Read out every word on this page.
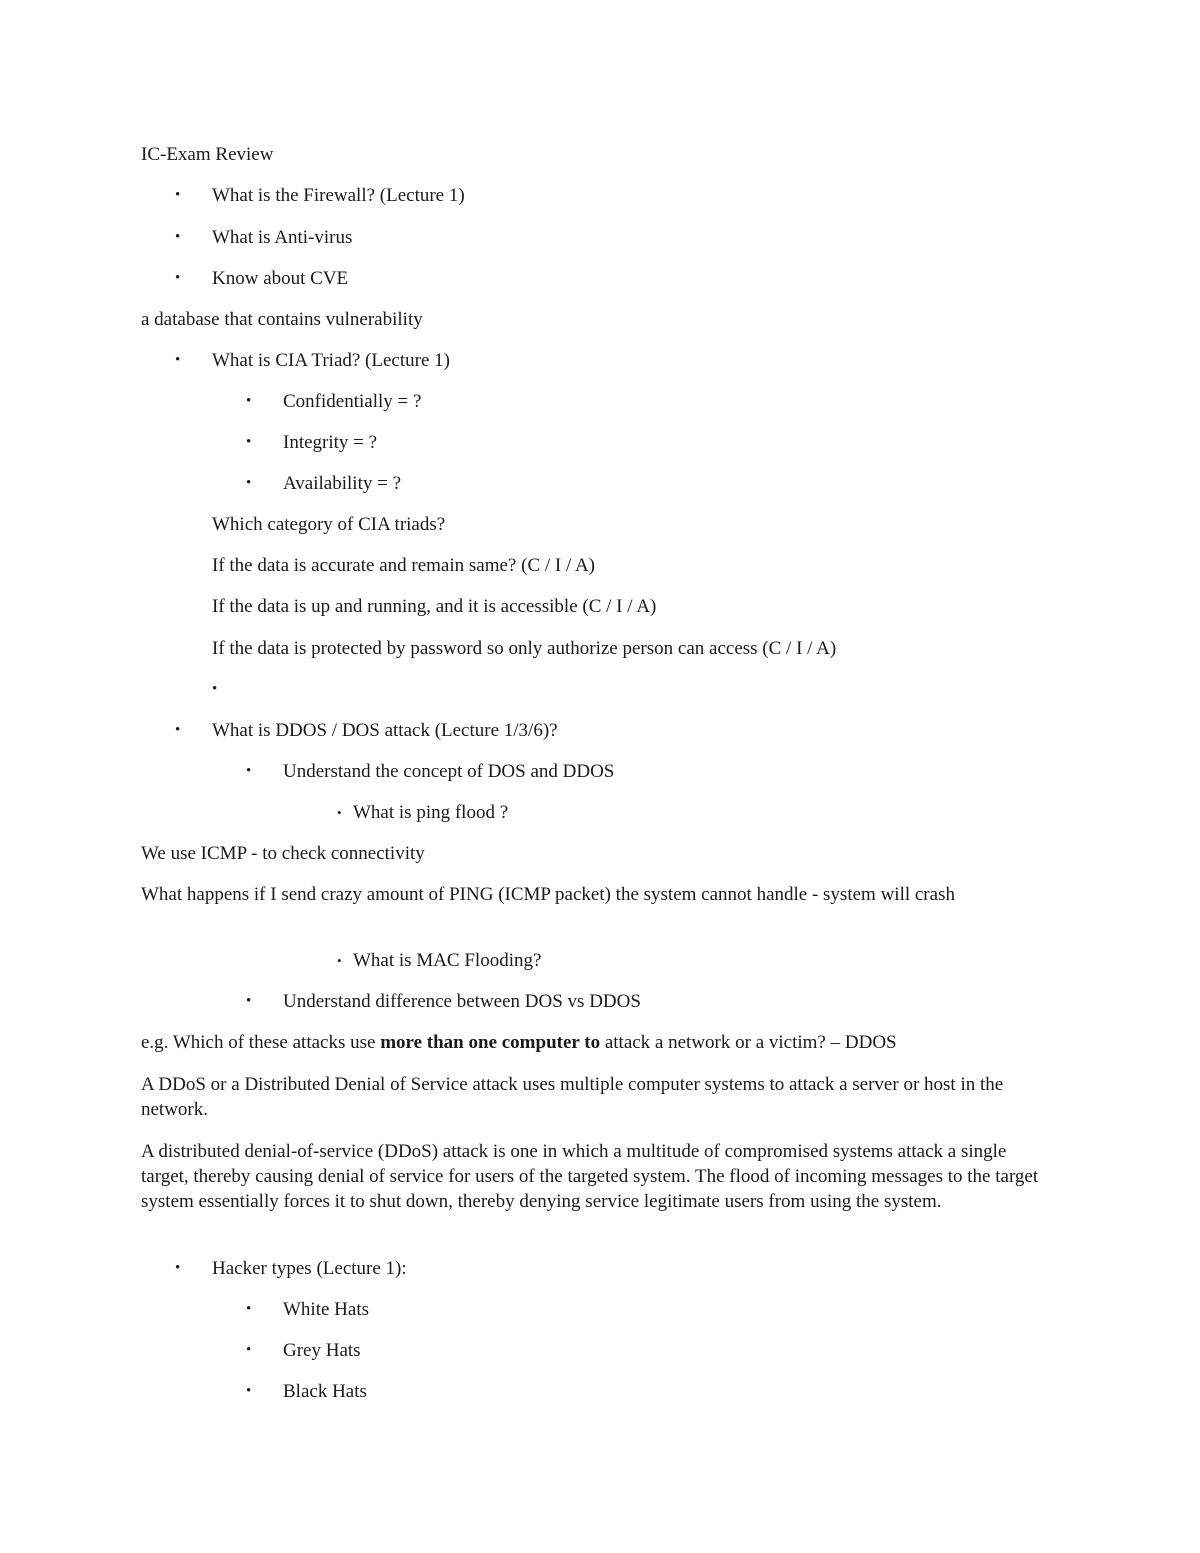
IC-Exam Review
• What is the Firewall? (Lecture 1)
• What is Anti-virus
• Know about CVE
a database that contains vulnerability
• What is CIA Triad? (Lecture 1)
• Confidentially = ?
• Integrity = ?
• Availability = ?
Which category of CIA triads?
If the data is accurate and remain same? (C / I / A)
If the data is up and running, and it is accessible (C / I / A)
If the data is protected by password so only authorize person can access (C / I / A)
•
• What is DDOS / DOS attack (Lecture 1/3/6)?
• Understand the concept of DOS and DDOS
• What is ping flood ?
We use ICMP - to check connectivity
What happens if I send crazy amount of PING (ICMP packet) the system cannot handle - system will crash
• What is MAC Flooding?
• Understand difference between DOS vs DDOS
e.g. Which of these attacks use more than one computer to attack a network or a victim? – DDOS
A DDoS or a Distributed Denial of Service attack uses multiple computer systems to attack a server or host in the network.
A distributed denial-of-service (DDoS) attack is one in which a multitude of compromised systems attack a single target, thereby causing denial of service for users of the targeted system. The flood of incoming messages to the target system essentially forces it to shut down, thereby denying service legitimate users from using the system.
• Hacker types (Lecture 1):
• White Hats
• Grey Hats
• Black Hats
